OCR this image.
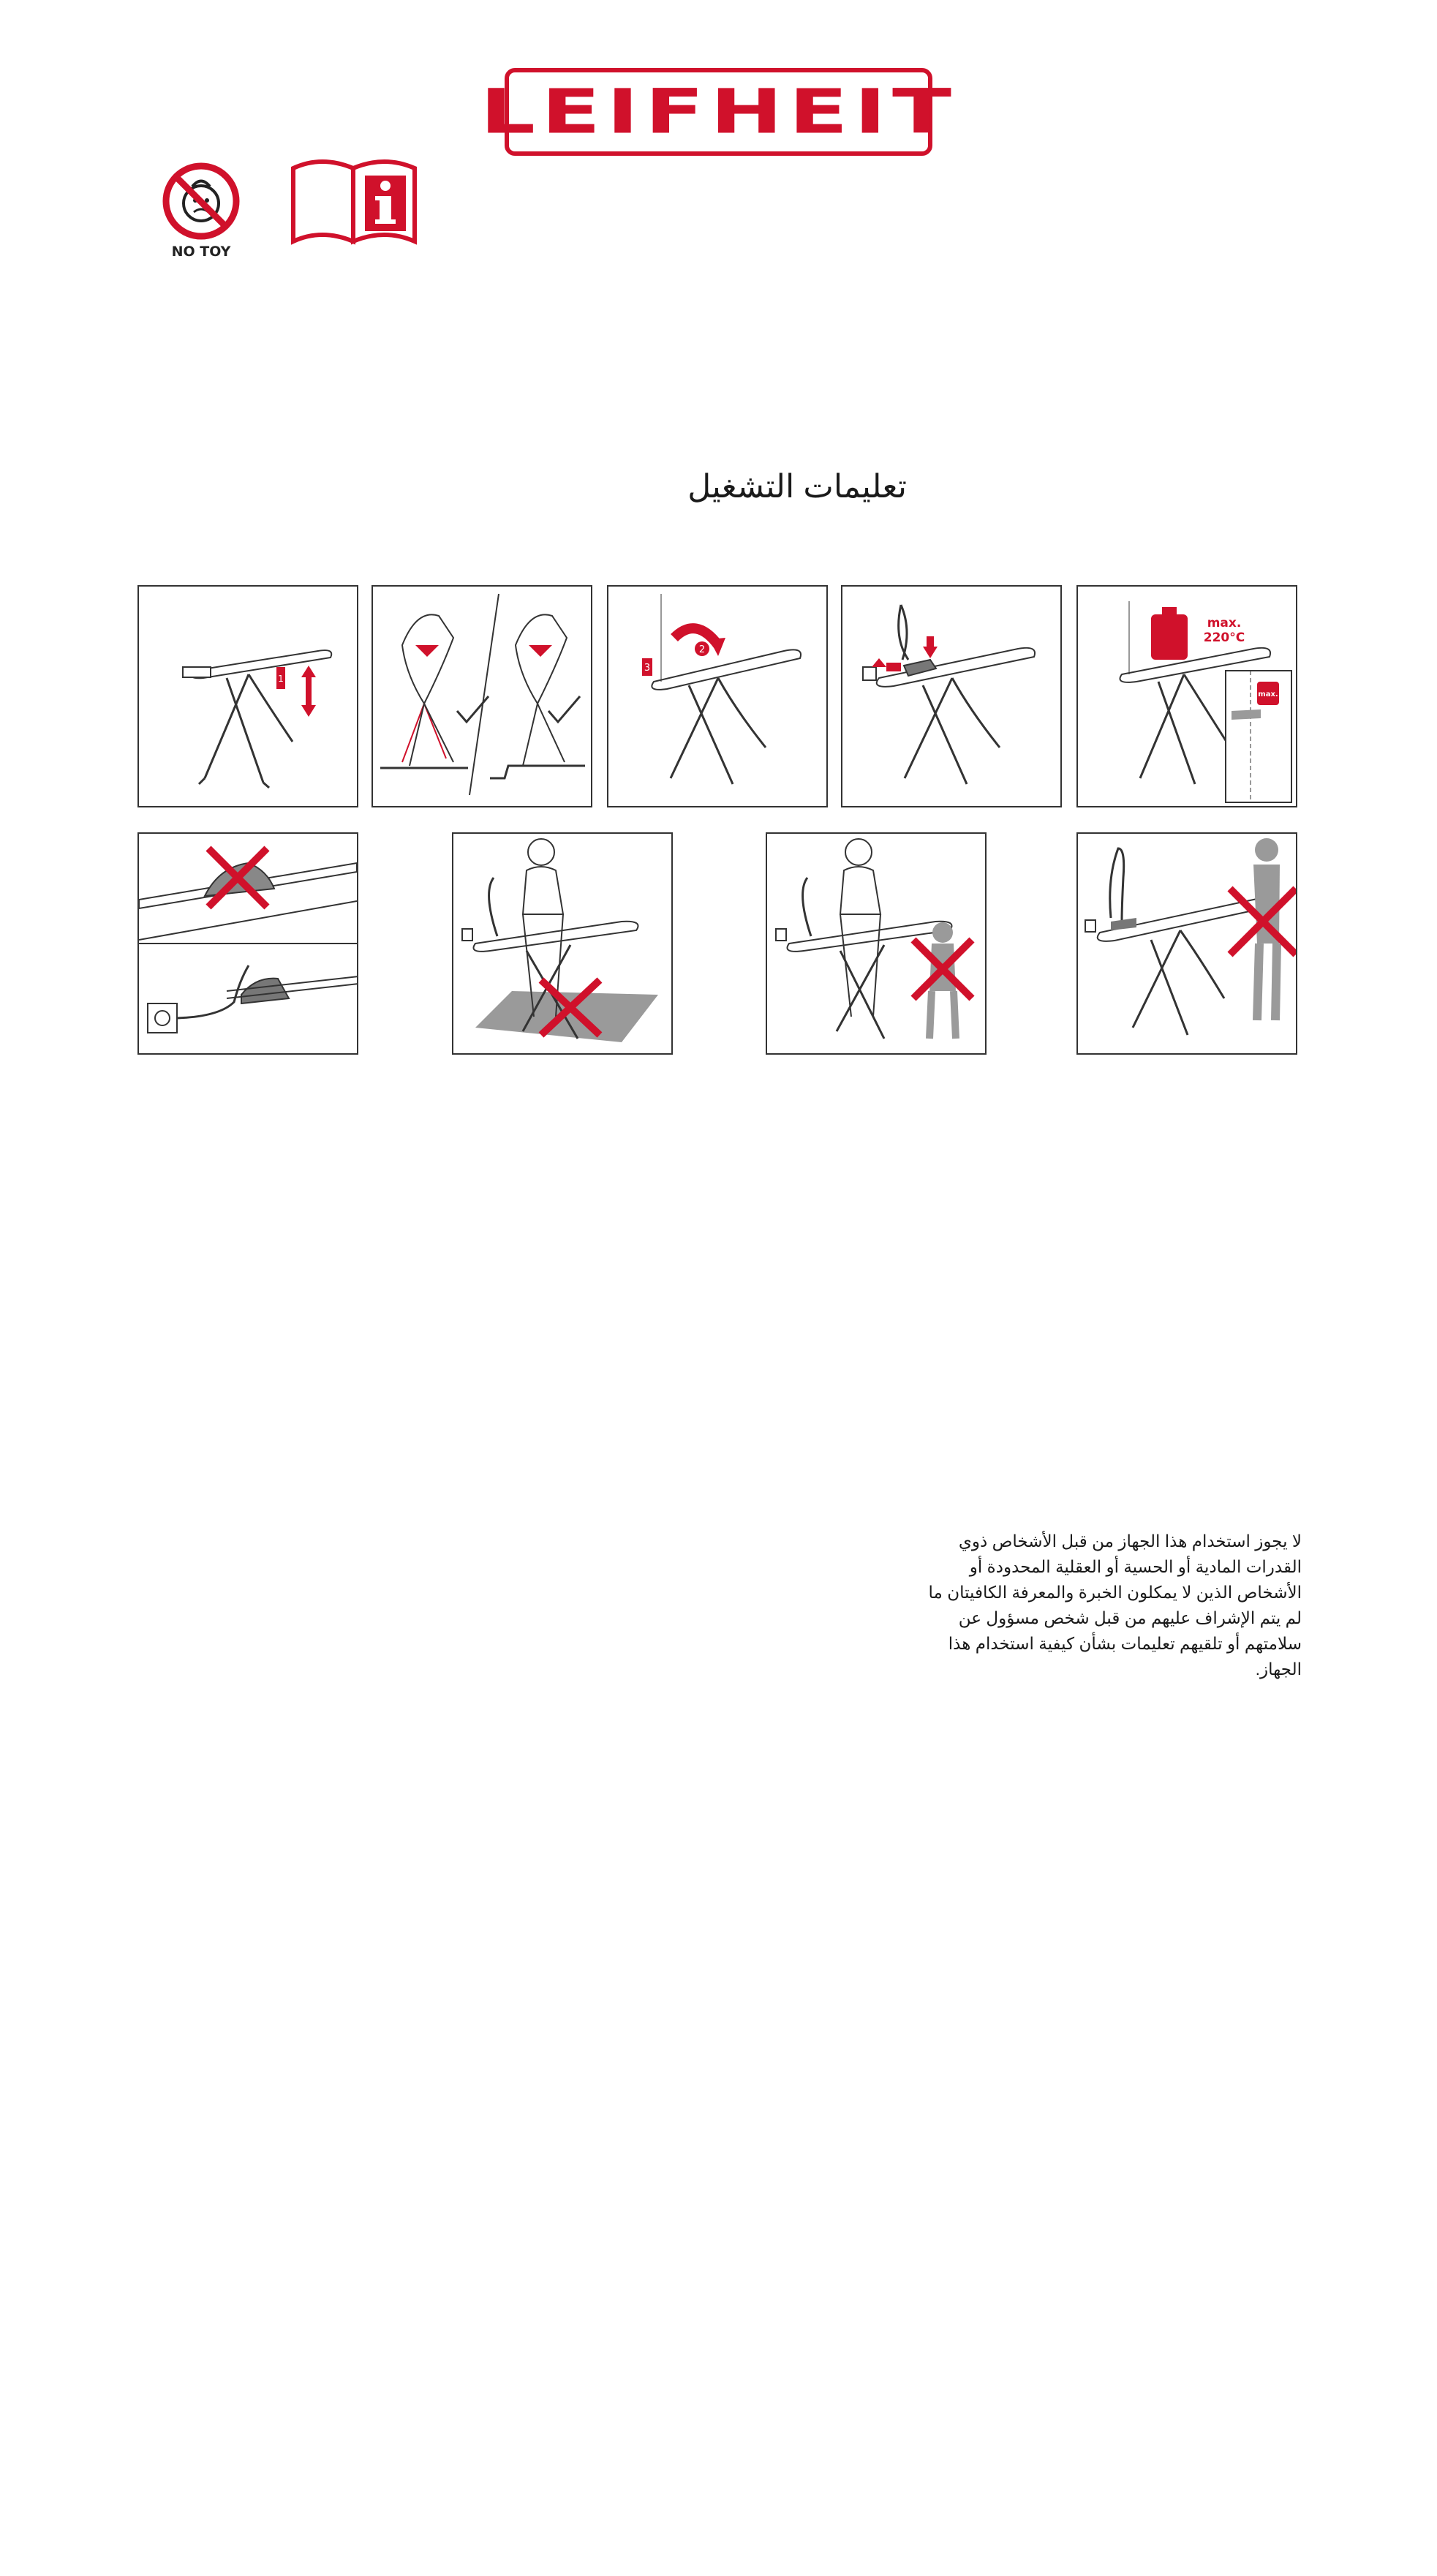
LEIFHEIT
NO TOY
تعليمات التشغيل
1
2
3
max.
220°C
max.

لا يجوز استخدام هذا الجهاز من قبل الأشخاص ذوي

القدرات المادية أو الحسية أو العقلية المحدودة أو

الأشخاص الذين لا يمكلون الخبرة والمعرفة الكافيتان ما

لم يتم الإشراف عليهم من قبل شخص مسؤول عن

سلامتهم أو تلقيهم تعليمات بشأن كيفية استخدام هذا

الجهاز.
